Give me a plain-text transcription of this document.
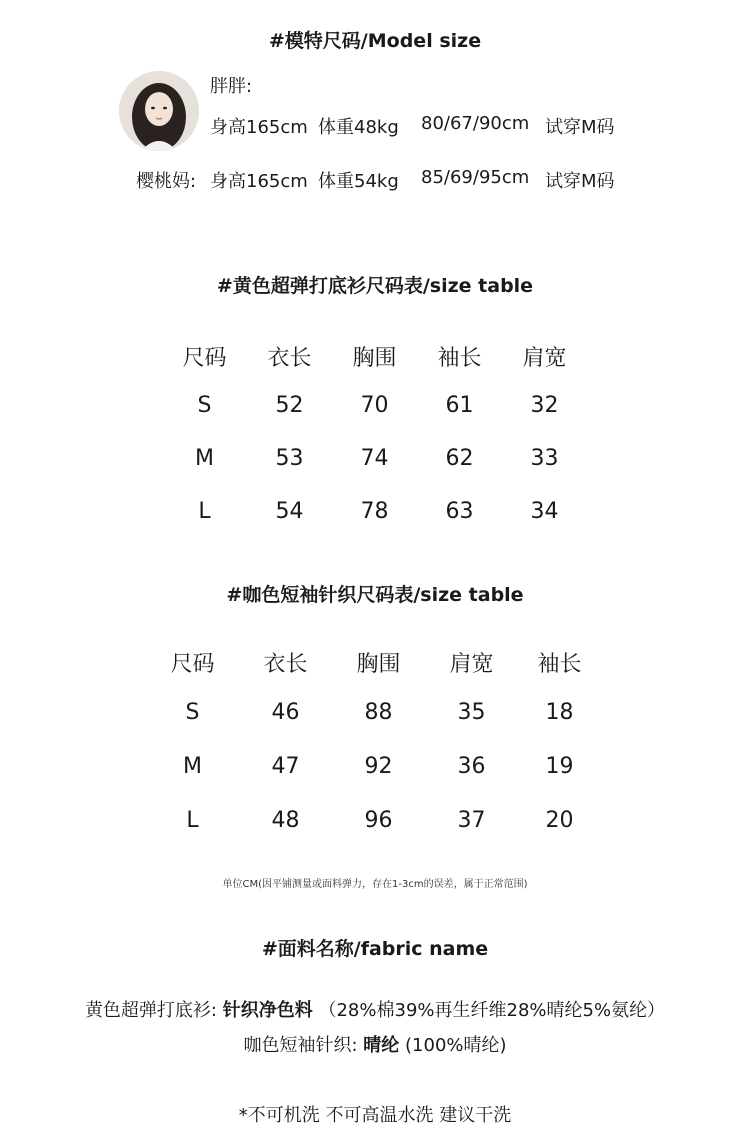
#模特尺码/Model size
胖胖:
身高165cm 体重48kg 80/67/90cm 试穿M码
樱桃妈: 身高165cm 体重54kg 85/69/95cm 试穿M码
#黄色超弹打底衫尺码表/size table
尺码	衣长	胸围	袖长	肩宽
S	52	70	61	32
M	53	74	62	33
L	54	78	63	34
#咖色短袖针织尺码表/size table
尺码	衣长	胸围	肩宽	袖长
S	46	88	35	18
M	47	92	36	19
L	48	96	37	20
单位CM(因平铺测量或面料弹力，存在1-3cm的误差，属于正常范围)
#面料名称/fabric name
黄色超弹打底衫: 针织净色料 （28%棉39%再生纤维28%晴纶5%氨纶）
咖色短袖针织: 晴纶 (100%晴纶)
*不可机洗 不可高温水洗 建议干洗
